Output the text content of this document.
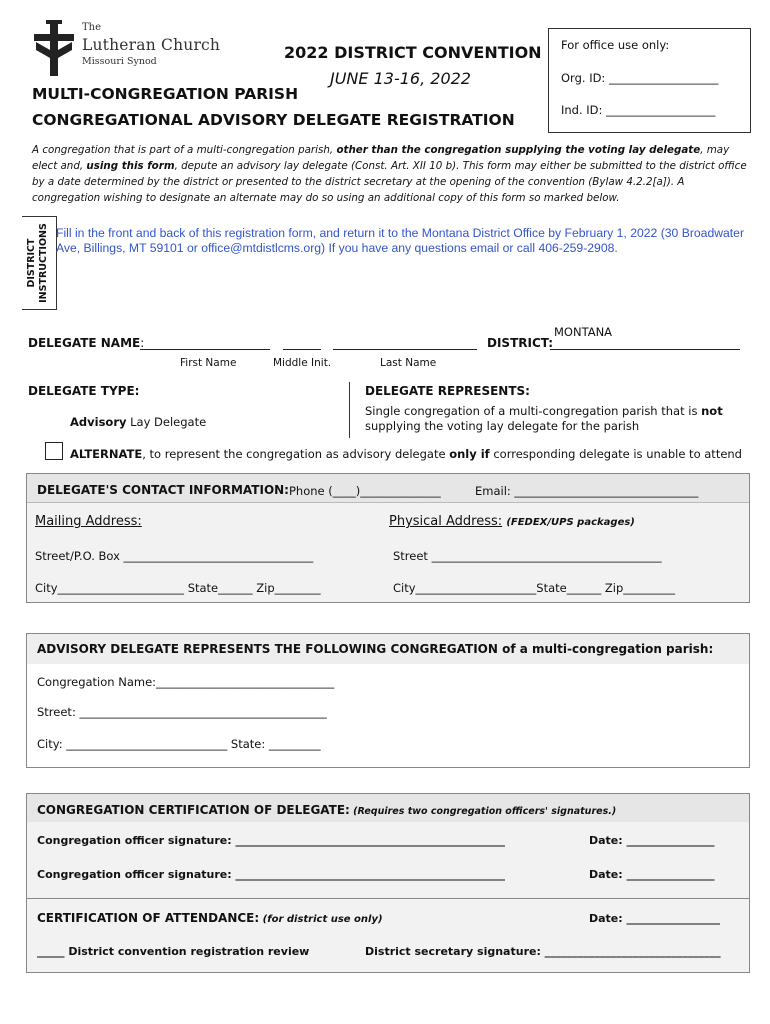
The
Lutheran Church
Missouri Synod	2022 DISTRICT CONVENTION
JUNE 13-16, 2022
MULTI-CONGREGATION PARISH
CONGREGATIONAL ADVISORY DELEGATE REGISTRATION
For office use only:
Org. ID: ___________________
Ind. ID: ___________________
A congregation that is part of a multi-congregation parish, other than the congregation supplying the voting lay delegate, may elect and, using this form, depute an advisory lay delegate (Const. Art. XII 10 b). This form may either be submitted to the district office by a date determined by the district or presented to the district secretary at the opening of the convention (Bylaw 4.2.2[a]). A congregation wishing to designate an alternate may do so using an additional copy of this form so marked below.
DISTRICT INSTRUCTIONS Fill in the front and back of this registration form, and return it to the Montana District Office by February 1, 2022 (30 Broadwater Ave, Billings, MT 59101 or office@mtdistlcms.org) If you have any questions email or call 406-259-2908.
DELEGATE NAME:
First Name	Middle Init.	Last Name
DISTRICT:
MONTANA
DELEGATE TYPE:
Advisory Lay Delegate
DELEGATE REPRESENTS:
Single congregation of a multi-congregation parish that is not
supplying the voting lay delegate for the parish
ALTERNATE, to represent the congregation as advisory delegate only if corresponding delegate is unable to attend
DELEGATE'S CONTACT INFORMATION: Phone (____)______________	Email: ________________________________
Mailing Address:	Physical Address: (FEDEX/UPS packages)
Street/P.O. Box _________________________________	Street ________________________________________
City______________________ State______ Zip________	City_____________________State______ Zip_________
ADVISORY DELEGATE REPRESENTS THE FOLLOWING CONGREGATION of a multi-congregation parish:
Congregation Name:_______________________________
Street: ___________________________________________
City: ____________________________ State: _________
CONGREGATION CERTIFICATION OF DELEGATE: (Requires two congregation officers' signatures.)
Congregation officer signature: _________________________________________________	Date: ________________
Congregation officer signature: _________________________________________________	Date: ________________
CERTIFICATION OF ATTENDANCE: (for district use only)	Date: _________________
_____ District convention registration review	District secretary signature: ________________________________
